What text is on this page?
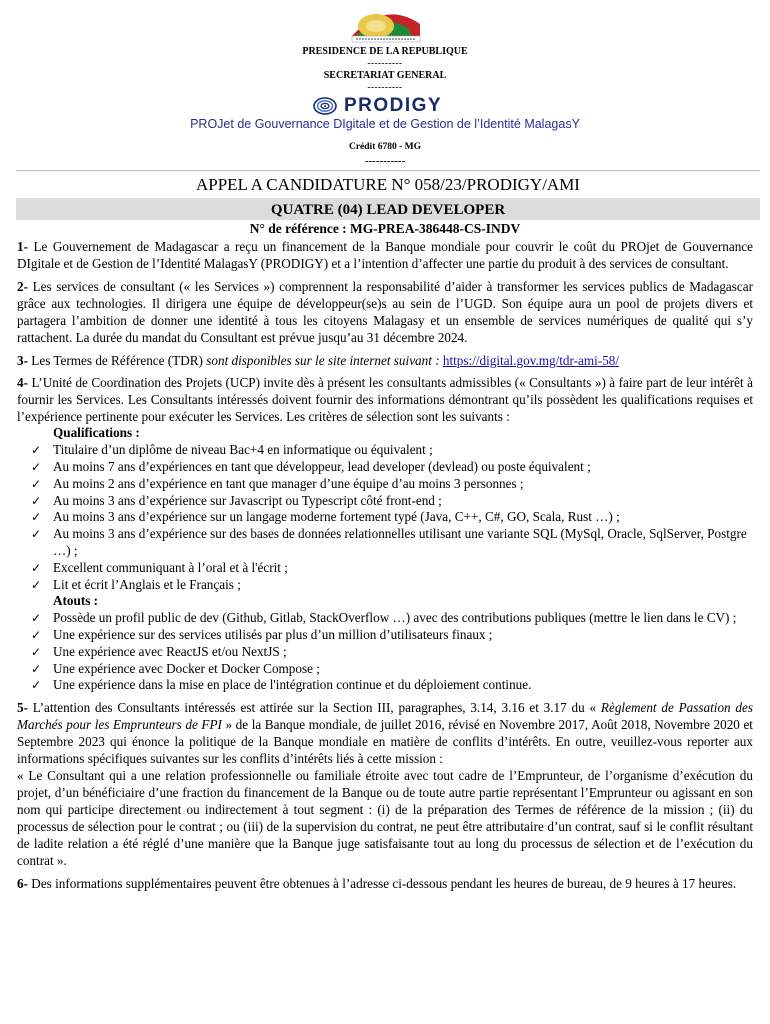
PRESIDENCE DE LA REPUBLIQUE
----------
SECRETARIAT GENERAL
----------
PRODIGY
PROJet de Gouvernance DIgitale et de Gestion de l’Identité MalagasY
Crédit 6780 - MG
-----------
APPEL A CANDIDATURE N° 058/23/PRODIGY/AMI
QUATRE (04) LEAD DEVELOPER
N° de référence : MG-PREA-386448-CS-INDV

1- Le Gouvernement de Madagascar a reçu un financement de la Banque mondiale pour couvrir le coût du PROjet de Gouvernance DIgitale et de Gestion de l’Identité MalagasY (PRODIGY) et a l’intention d’affecter une partie du produit à des services de consultant.

2- Les services de consultant (« les Services ») comprennent la responsabilité d’aider à transformer les services publics de Madagascar grâce aux technologies. Il dirigera une équipe de développeur(se)s au sein de l’UGD. Son équipe aura un pool de projets divers et partagera l’ambition de donner une identité à tous les citoyens Malagasy et un ensemble de services numériques de qualité qui s’y rattachent. La durée du mandat du Consultant est prévue jusqu’au 31 décembre 2024.

3- Les Termes de Référence (TDR) sont disponibles sur le site internet suivant : https://digital.gov.mg/tdr-ami-58/

4- L’Unité de Coordination des Projets (UCP) invite dès à présent les consultants admissibles (« Consultants ») à faire part de leur intérêt à fournir les Services. Les Consultants intéressés doivent fournir des informations démontrant qu’ils possèdent les qualifications requises et l’expérience pertinente pour exécuter les Services. Les critères de sélection sont les suivants :
Qualifications :
✓ Titulaire d’un diplôme de niveau Bac+4 en informatique ou équivalent ;
✓ Au moins 7 ans d’expériences en tant que développeur, lead developer (devlead) ou poste équivalent ;
✓ Au moins 2 ans d’expérience en tant que manager d’une équipe d’au moins 3 personnes ;
✓ Au moins 3 ans d’expérience sur Javascript ou Typescript côté front-end ;
✓ Au moins 3 ans d’expérience sur un langage moderne fortement typé (Java, C++, C#, GO, Scala, Rust …) ;
✓ Au moins 3 ans d’expérience sur des bases de données relationnelles utilisant une variante SQL (MySql, Oracle, SqlServer, Postgre …) ;
✓ Excellent communiquant à l’oral et à l'écrit ;
✓ Lit et écrit l’Anglais et le Français ;
Atouts :
✓ Possède un profil public de dev (Github, Gitlab, StackOverflow …) avec des contributions publiques (mettre le lien dans le CV) ;
✓ Une expérience sur des services utilisés par plus d’un million d’utilisateurs finaux ;
✓ Une expérience avec ReactJS et/ou NextJS ;
✓ Une expérience avec Docker et Docker Compose ;
✓ Une expérience dans la mise en place de l'intégration continue et du déploiement continue.

5- L’attention des Consultants intéressés est attirée sur la Section III, paragraphes, 3.14, 3.16 et 3.17 du « Règlement de Passation des Marchés pour les Emprunteurs de FPI » de la Banque mondiale, de juillet 2016, révisé en Novembre 2017, Août 2018, Novembre 2020 et Septembre 2023 qui énonce la politique de la Banque mondiale en matière de conflits d’intérêts. En outre, veuillez-vous reporter aux informations spécifiques suivantes sur les conflits d’intérêts liés à cette mission :
« Le Consultant qui a une relation professionnelle ou familiale étroite avec tout cadre de l’Emprunteur, de l’organisme d’exécution du projet, d’un bénéficiaire d’une fraction du financement de la Banque ou de toute autre partie représentant l’Emprunteur ou agissant en son nom qui participe directement ou indirectement à tout segment : (i) de la préparation des Termes de référence de la mission ; (ii) du processus de sélection pour le contrat ; ou (iii) de la supervision du contrat, ne peut être attributaire d’un contrat, sauf si le conflit résultant de ladite relation a été réglé d’une manière que la Banque juge satisfaisante tout au long du processus de sélection et de l’exécution du contrat ».

6- Des informations supplémentaires peuvent être obtenues à l’adresse ci-dessous pendant les heures de bureau, de 9 heures à 17 heures.
